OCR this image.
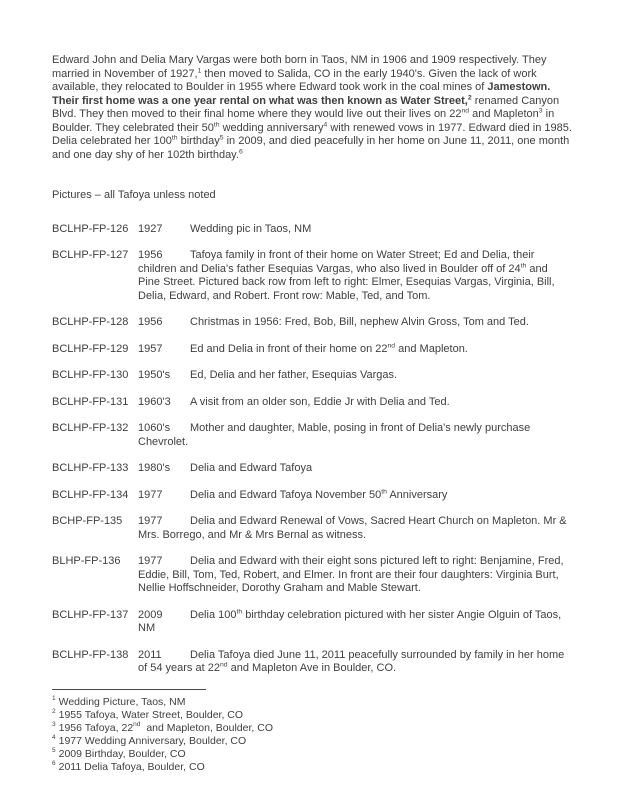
Edward John and Delia Mary Vargas were both born in Taos, NM in 1906 and 1909 respectively. They married in November of 1927,$^1$ then moved to Salida, CO in the early 1940's. Given the lack of work available, they relocated to Boulder in 1955 where Edward took work in the coal mines of Jamestown. Their first home was a one year rental on what was then known as Water Street,$^2$ renamed Canyon Blvd. They then moved to their final home where they would live out their lives on 22nd and Mapleton$^3$ in Boulder. They celebrated their 50th wedding anniversary$^4$ with renewed vows in 1977. Edward died in 1985. Delia celebrated her 100th birthday$^5$ in 2009, and died peacefully in her home on June 11, 2011, one month and one day shy of her 102th birthday.$^6$

Pictures – all Tafoya unless noted

BCLHP-FP-126 1927	Wedding pic in Taos, NM

BCLHP-FP-127 1956	Tafoya family in front of their home on Water Street; Ed and Delia, their children and Delia's father Esequias Vargas, who also lived in Boulder off of 24th and Pine Street. Pictured back row from left to right: Elmer, Esequias Vargas, Virginia, Bill, Delia, Edward, and Robert. Front row: Mable, Ted, and Tom.

BCLHP-FP-128 1956	Christmas in 1956: Fred, Bob, Bill, nephew Alvin Gross, Tom and Ted.

BCLHP-FP-129 1957	Ed and Delia in front of their home on 22nd and Mapleton.

BCLHP-FP-130 1950's	Ed, Delia and her father, Esequias Vargas.

BCLHP-FP-131 1960'3	A visit from an older son, Eddie Jr with Delia and Ted.

BCLHP-FP-132 1060's	Mother and daughter, Mable, posing in front of Delia's newly purchase Chevrolet.

BCLHP-FP-133 1980's	Delia and Edward Tafoya

BCLHP-FP-134 1977	Delia and Edward Tafoya November 50th Anniversary

BCHP-FP-135 1977	Delia and Edward Renewal of Vows, Sacred Heart Church on Mapleton. Mr & Mrs. Borrego, and Mr & Mrs Bernal as witness.

BLHP-FP-136 1977	Delia and Edward with their eight sons pictured left to right: Benjamine, Fred, Eddie, Bill, Tom, Ted, Robert, and Elmer. In front are their four daughters: Virginia Burt, Nellie Hoffschneider, Dorothy Graham and Mable Stewart.

BCLHP-FP-137 2009	Delia 100th birthday celebration pictured with her sister Angie Olguin of Taos, NM

BCLHP-FP-138 2011	Delia Tafoya died June 11, 2011 peacefully surrounded by family in her home of 54 years at 22nd and Mapleton Ave in Boulder, CO.

$^1$ Wedding Picture, Taos, NM

$^2$ 1955 Tafoya, Water Street, Boulder, CO

$^3$ 1956 Tafoya, 22nd and Mapleton, Boulder, CO

$^4$ 1977 Wedding Anniversary, Boulder, CO

$^5$ 2009 Birthday, Boulder, CO

$^6$ 2011 Delia Tafoya, Boulder, CO
